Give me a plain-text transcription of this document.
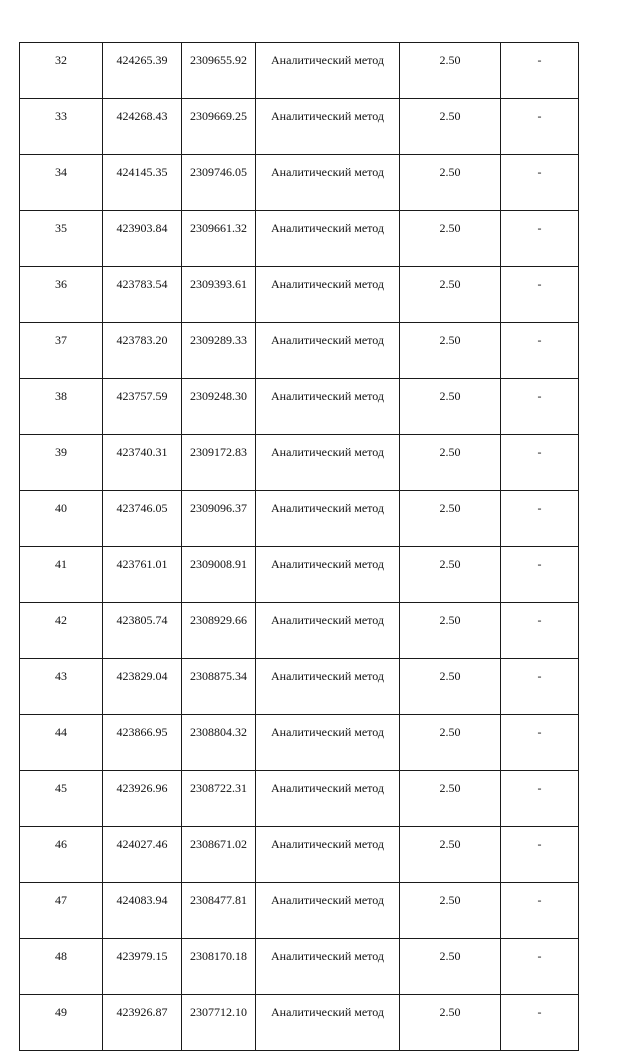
32	424265.39	2309655.92	Аналитический метод	2.50	-
33	424268.43	2309669.25	Аналитический метод	2.50	-
34	424145.35	2309746.05	Аналитический метод	2.50	-
35	423903.84	2309661.32	Аналитический метод	2.50	-
36	423783.54	2309393.61	Аналитический метод	2.50	-
37	423783.20	2309289.33	Аналитический метод	2.50	-
38	423757.59	2309248.30	Аналитический метод	2.50	-
39	423740.31	2309172.83	Аналитический метод	2.50	-
40	423746.05	2309096.37	Аналитический метод	2.50	-
41	423761.01	2309008.91	Аналитический метод	2.50	-
42	423805.74	2308929.66	Аналитический метод	2.50	-
43	423829.04	2308875.34	Аналитический метод	2.50	-
44	423866.95	2308804.32	Аналитический метод	2.50	-
45	423926.96	2308722.31	Аналитический метод	2.50	-
46	424027.46	2308671.02	Аналитический метод	2.50	-
47	424083.94	2308477.81	Аналитический метод	2.50	-
48	423979.15	2308170.18	Аналитический метод	2.50	-
49	423926.87	2307712.10	Аналитический метод	2.50	-
